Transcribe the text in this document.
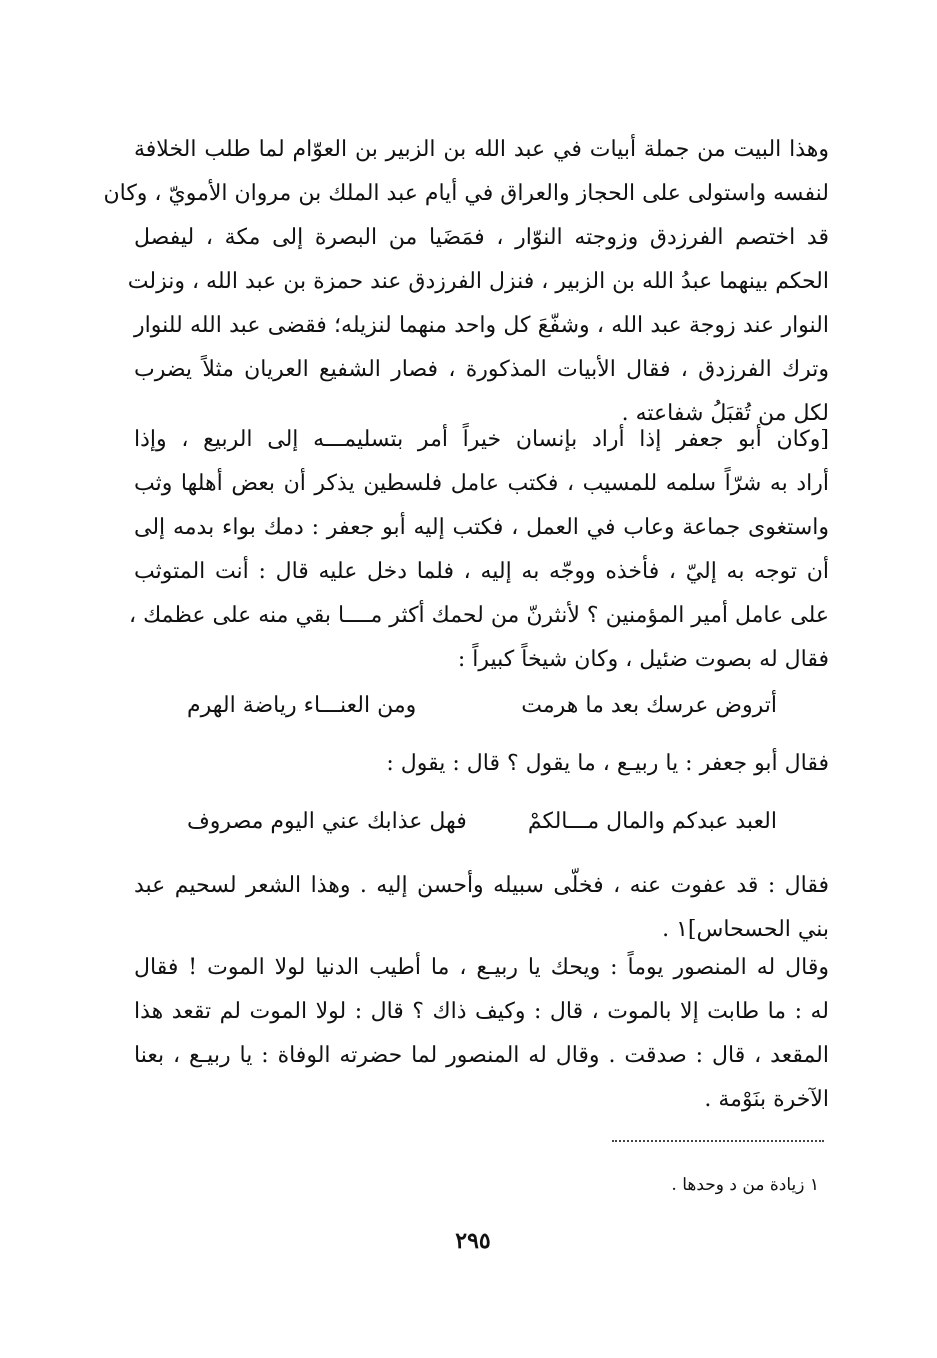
وهذا البيت من جملة أبيات في عبد الله بن الزبير بن العوّام لما طلب الخلافة
لنفسه واستولى على الحجاز والعراق في أيام عبد الملك بن مروان الأمويّ ، وكان
قد اختصم الفرزدق وزوجته النوّار ، فمَضَيا من البصرة إلى مكة ، ليفصل
الحكم بينهما عبدُ الله بن الزبير ، فنزل الفرزدق عند حمزة بن عبد الله ، ونزلت
النوار عند زوجة عبد الله ، وشفّعَ كل واحد منهما لنزيله؛ فقضى عبد الله للنوار
وترك الفرزدق ، فقال الأبيات المذكورة ، فصار الشفيع العريان مثلاً يضرب
لكل من تُقبَلُ شفاعته .
[وكان أبو جعفر إذا أراد بإنسان خيراً أمر بتسليمـــه إلى الربيع ، وإذا
أراد به شرّاً سلمه للمسيب ، فكتب عامل فلسطين يذكر أن بعض أهلها وثب
واستغوى جماعة وعاب في العمل ، فكتب إليه أبو جعفر : دمك بواء بدمه إلى
أن توجه به إليّ ، فأخذه ووجّه به إليه ، فلما دخل عليه قال : أنت المتوثب
على عامل أمير المؤمنين ؟ لأنثرنّ من لحمك أكثر مــــا بقي منه على عظمك ،
فقال له بصوت ضئيل ، وكان شيخاً كبيراً :
أتروض عرسك بعد ما هرمت
ومن العنـــاء رياضة الهرم
فقال أبو جعفر : يا ربيـع ، ما يقول ؟ قال : يقول :
العبد عبدكم والمال مـــالكمْ
فهل عذابك عني اليوم مصروف
فقال : قد عفوت عنه ، فخلّى سبيله وأحسن إليه . وهذا الشعر لسحيم عبد
بني الحسحاس]١ .
وقال له المنصور يوماً : ويحك يا ربيـع ، ما أطيب الدنيا لولا الموت ! فقال
له : ما طابت إلا بالموت ، قال : وكيف ذاك ؟ قال : لولا الموت لم تقعد هذا
المقعد ، قال : صدقت . وقال له المنصور لما حضرته الوفاة : يا ربيـع ، بعنا
الآخرة بنَوْمة .
١ زيادة من د وحدها .
٢٩٥
